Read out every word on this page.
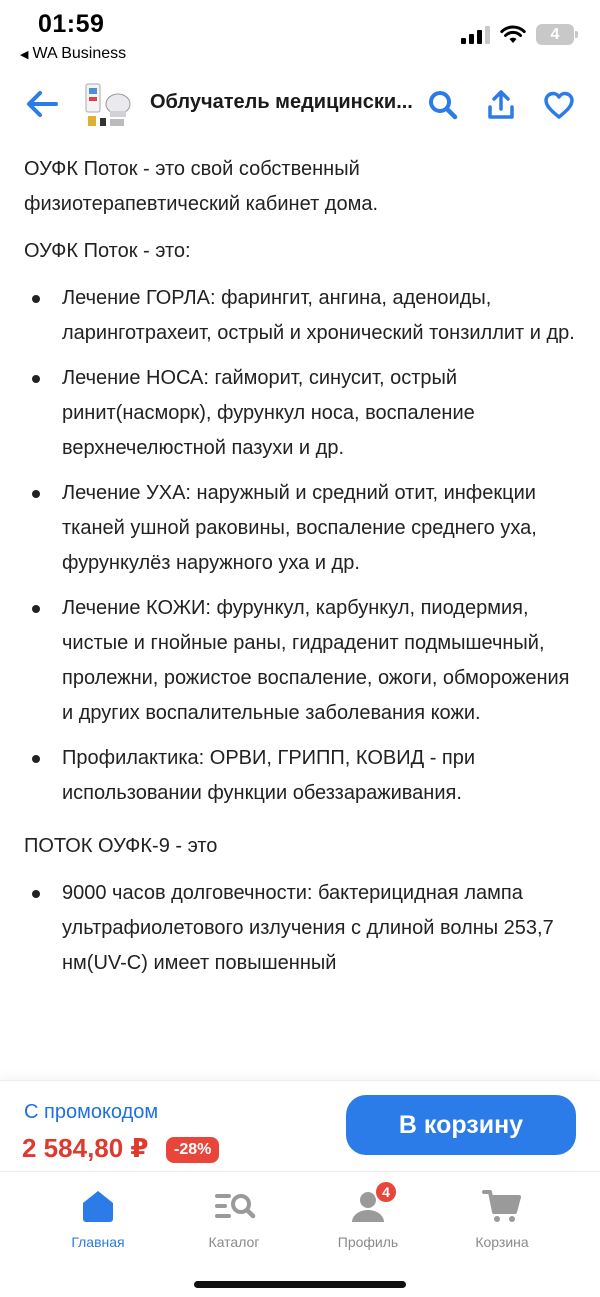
01:59
◀ WA Business
4
Облучатель медицински...

ОУФК Поток - это свой собственный физиотерапевтический кабинет дома.

ОУФК Поток - это:

Лечение ГОРЛА: фарингит, ангина, аденоиды, ларинготрахеит, острый и хронический тонзиллит и др.
Лечение НОСА: гайморит, синусит, острый ринит(насморк), фурункул носа, воспаление верхнечелюстной пазухи и др.
Лечение УХА: наружный и средний отит, инфекции тканей ушной раковины, воспаление среднего уха, фурункулёз наружного уха и др.
Лечение КОЖИ: фурункул, карбункул, пиодермия, чистые и гнойные раны, гидраденит подмышечный, пролежни, рожистое воспаление, ожоги, обморожения и других воспалительные заболевания кожи.
Профилактика: ОРВИ, ГРИПП, КОВИД - при использовании функции обеззараживания.

ПОТОК ОУФК-9 - это

9000 часов долговечности: бактерицидная лампа ультрафиолетового излучения с длиной волны 253,7 нм(UV-C) имеет повышенный
С промокодом
2 584,80 ₽	-28%
В корзину
Главная	Каталог
4
Профиль	Корзина
